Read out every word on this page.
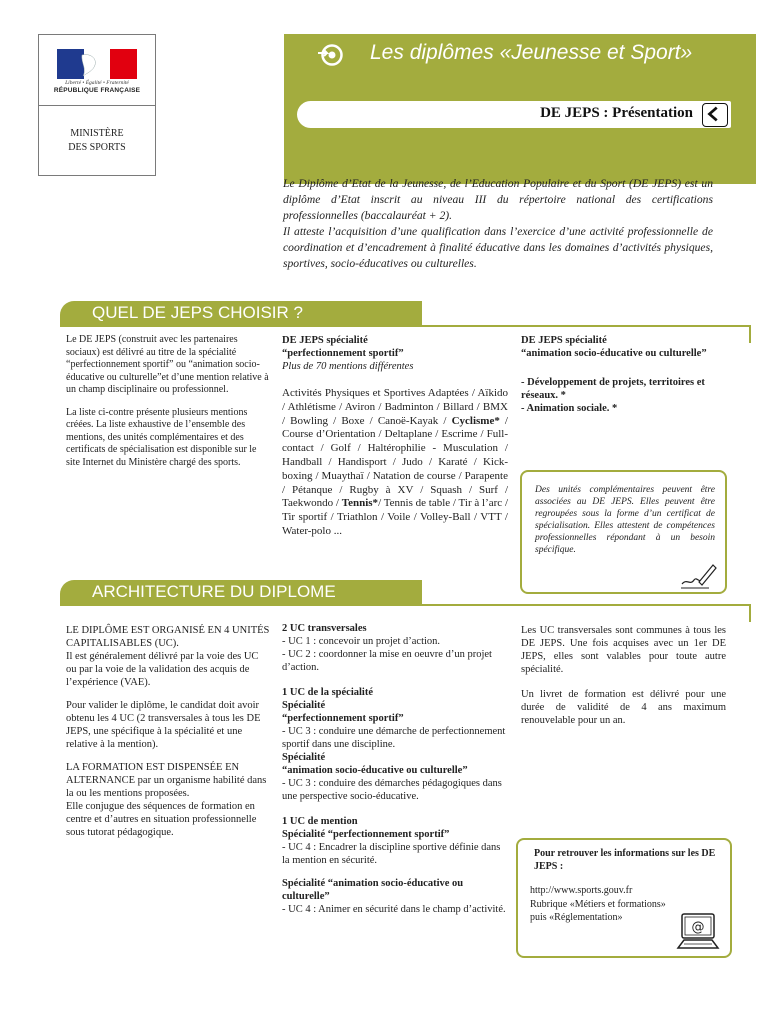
Liberté • Égalité • Fraternité
RÉPUBLIQUE FRANÇAISE
MINISTÈRE
DES SPORTS
Les diplômes «Jeunesse et Sport»
DE JEPS : Présentation
Le Diplôme d’Etat de la Jeunesse, de l’Education Populaire et du Sport (DE JEPS) est un diplôme d’Etat inscrit au niveau III du répertoire national des certifications professionnelles (baccalauréat + 2).
Il atteste l’acquisition d’une qualification dans l’exercice d’une activité professionnelle de coordination et d’encadrement à finalité éducative dans les domaines d’activités physiques, sportives, socio-éducatives ou culturelles.
QUEL DE JEPS CHOISIR ?

Le DE JEPS (construit avec les partenaires sociaux) est délivré au titre de la spécialité “perfectionnement sportif” ou “animation socio-éducative ou culturelle”et d’une mention relative à un champ disciplinaire ou professionnel.

La liste ci-contre présente plusieurs mentions créées. La liste exhaustive de l’ensemble des mentions, des unités complémentaires et des certificats de spécialisation est disponible sur le site Internet du Ministère chargé des sports.

DE JEPS spécialité
“perfectionnement sportif”
Plus de 70 mentions différentes
Activités Physiques et Sportives Adaptées / Aïkido / Athlétisme / Aviron / Badminton / Billard / BMX / Bowling / Boxe / Canoë-Kayak / Cyclisme* / Course d’Orientation / Deltaplane / Escrime / Full-contact / Golf / Haltérophilie - Musculation / Handball / Handisport / Judo / Karaté / Kick-boxing / Muaythaï / Natation de course / Parapente / Pétanque / Rugby à XV / Squash / Surf / Taekwondo / Tennis*/ Tennis de table / Tir à l’arc / Tir sportif / Triathlon / Voile / Volley-Ball / VTT / Water-polo ...
DE JEPS spécialité
“animation socio-éducative ou culturelle”
- Développement de projets, territoires et réseaux. *
- Animation sociale. *
Des unités complémentaires peuvent être associées au DE JEPS. Elles peuvent être regroupées sous la forme d’un certificat de spécialisation. Elles attestent de compétences professionnelles répondant à un besoin spécifique.
ARCHITECTURE DU DIPLOME

LE DIPLÔME EST ORGANISÉ EN 4 UNITÉS CAPITALISABLES (UC).
Il est généralement délivré par la voie des UC ou par la voie de la validation des acquis de l’expérience (VAE).

Pour valider le diplôme, le candidat doit avoir obtenu les 4 UC (2 transversales à tous les DE JEPS, une spécifique à la spécialité et une relative à la mention).

LA FORMATION EST DISPENSÉE EN ALTERNANCE par un organisme habilité dans la ou les mentions proposées.

Elle conjugue des séquences de formation en centre et d’autres en situation professionnelle sous tutorat pédagogique.

2 UC transversales
- UC 1 : concevoir un projet d’action.
- UC 2 : coordonner la mise en oeuvre d’un projet d’action.
1 UC de la spécialité
Spécialité
“perfectionnement sportif”
- UC 3 : conduire une démarche de perfectionnement sportif dans une discipline.
Spécialité
“animation socio-éducative ou culturelle”
- UC 3 : conduire des démarches pédagogiques dans une perspective socio-éducative.
1 UC de mention
Spécialité “perfectionnement sportif”
- UC 4 : Encadrer la discipline sportive définie dans la mention en sécurité.
Spécialité “animation socio-éducative ou culturelle”
- UC 4 : Animer en sécurité dans le champ d’activité.

Les UC transversales sont communes à tous les DE JEPS. Une fois acquises avec un 1er DE JEPS, elles sont valables pour toute autre spécialité.

Un livret de formation est délivré pour une durée de validité de 4 ans maximum renouvelable pour un an.

Pour retrouver les informations sur les DE JEPS :
http://www.sports.gouv.fr
Rubrique «Métiers et formations»
puis «Réglementation»
@
